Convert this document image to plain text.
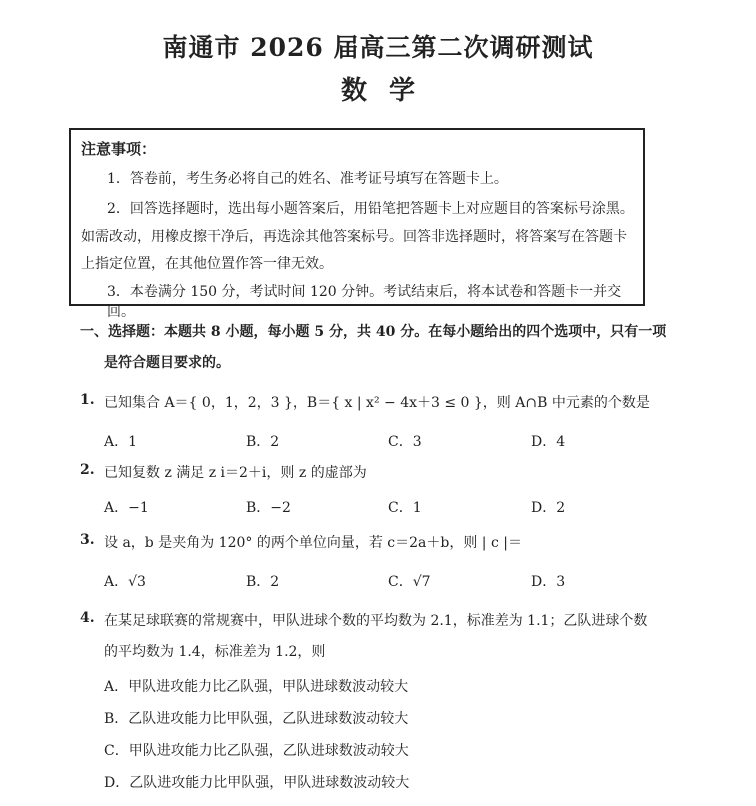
南通市 2026 届高三第二次调研测试
数学
注意事项：
1．答卷前，考生务必将自己的姓名、准考证号填写在答题卡上。
2．回答选择题时，选出每小题答案后，用铅笔把答题卡上对应题目的答案标号涂黑。
如需改动，用橡皮擦干净后，再选涂其他答案标号。回答非选择题时，将答案写在答题卡
上指定位置，在其他位置作答一律无效。
3．本卷满分 150 分，考试时间 120 分钟。考试结束后，将本试卷和答题卡一并交回。
一、选择题：本题共 8 小题，每小题 5 分，共 40 分。在每小题给出的四个选项中，只有一项
是符合题目要求的。
1. 已知集合 A＝{ 0，1，2，3 }，B＝{ x | x² − 4x＋3 ≤ 0 }，则 A∩B 中元素的个数是
A．1	B．2	C．3	D．4
2. 已知复数 z 满足 z i＝2＋i，则 z 的虚部为
A．−1	B．−2	C．1	D．2
3. 设 a，b 是夹角为 120° 的两个单位向量，若 c＝2a＋b，则 | c |＝
A．√3	B．2	C．√7	D．3
4. 在某足球联赛的常规赛中，甲队进球个数的平均数为 2.1，标准差为 1.1；乙队进球个数
的平均数为 1.4，标准差为 1.2，则
A．甲队进攻能力比乙队强，甲队进球数波动较大
B．乙队进攻能力比甲队强，乙队进球数波动较大
C．甲队进攻能力比乙队强，乙队进球数波动较大
D．乙队进攻能力比甲队强，甲队进球数波动较大
